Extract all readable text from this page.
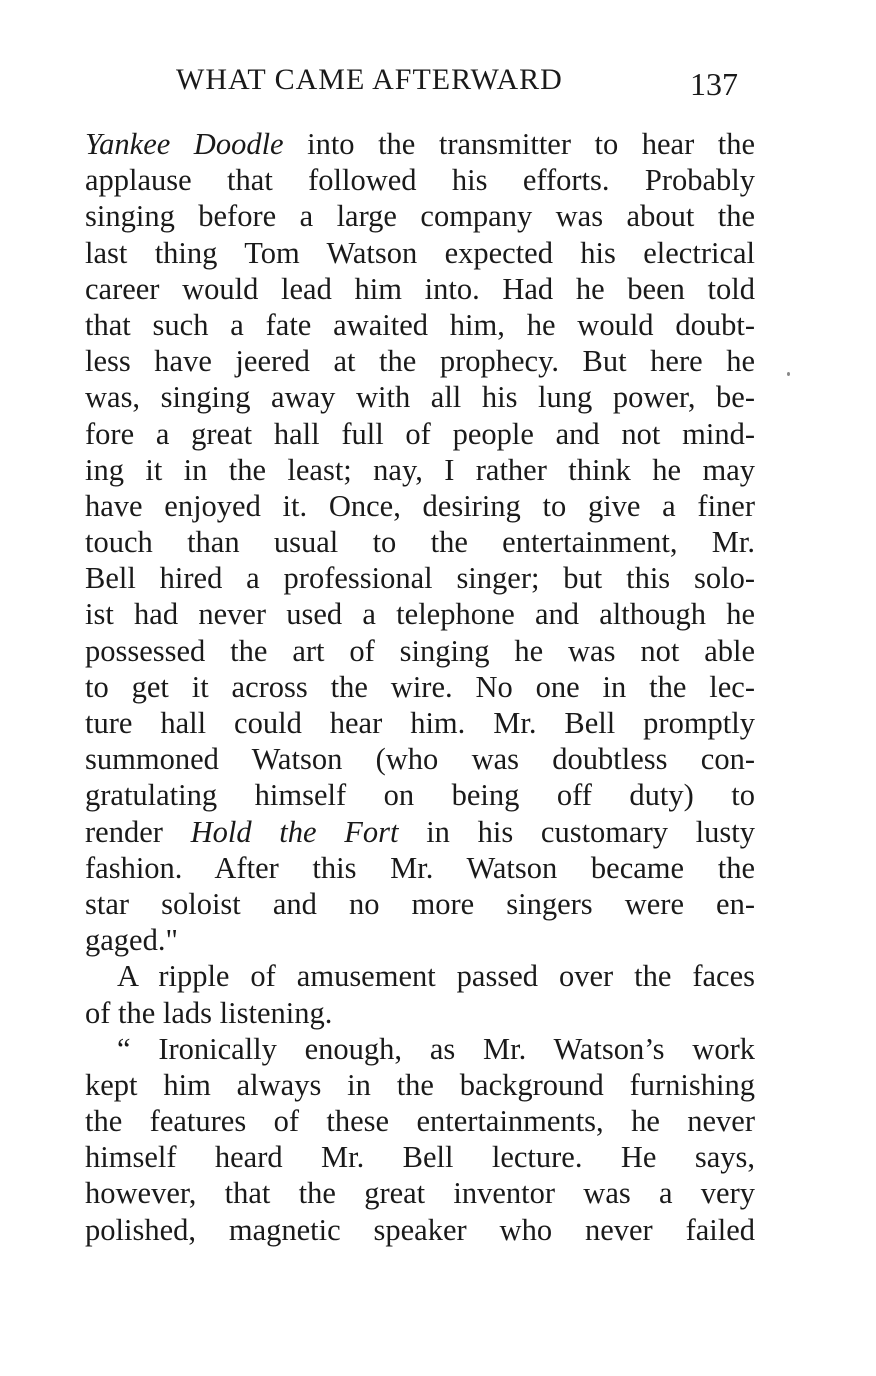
WHAT CAME AFTERWARD	137
Yankee Doodle into the transmitter to hear the
applause that followed his efforts. Probably
singing before a large company was about the
last thing Tom Watson expected his electrical
career would lead him into. Had he been told
that such a fate awaited him, he would doubt-
less have jeered at the prophecy. But here he
was, singing away with all his lung power, be-
fore a great hall full of people and not mind-
ing it in the least; nay, I rather think he may
have enjoyed it. Once, desiring to give a finer
touch than usual to the entertainment, Mr.
Bell hired a professional singer; but this solo-
ist had never used a telephone and although he
possessed the art of singing he was not able
to get it across the wire. No one in the lec-
ture hall could hear him. Mr. Bell promptly
summoned Watson (who was doubtless con-
gratulating himself on being off duty) to
render Hold the Fort in his customary lusty
fashion. After this Mr. Watson became the
star soloist and no more singers were en-
gaged."
A ripple of amusement passed over the faces
of the lads listening.
“ Ironically enough, as Mr. Watson’s work
kept him always in the background furnishing
the features of these entertainments, he never
himself heard Mr. Bell lecture. He says,
however, that the great inventor was a very
polished, magnetic speaker who never failed
